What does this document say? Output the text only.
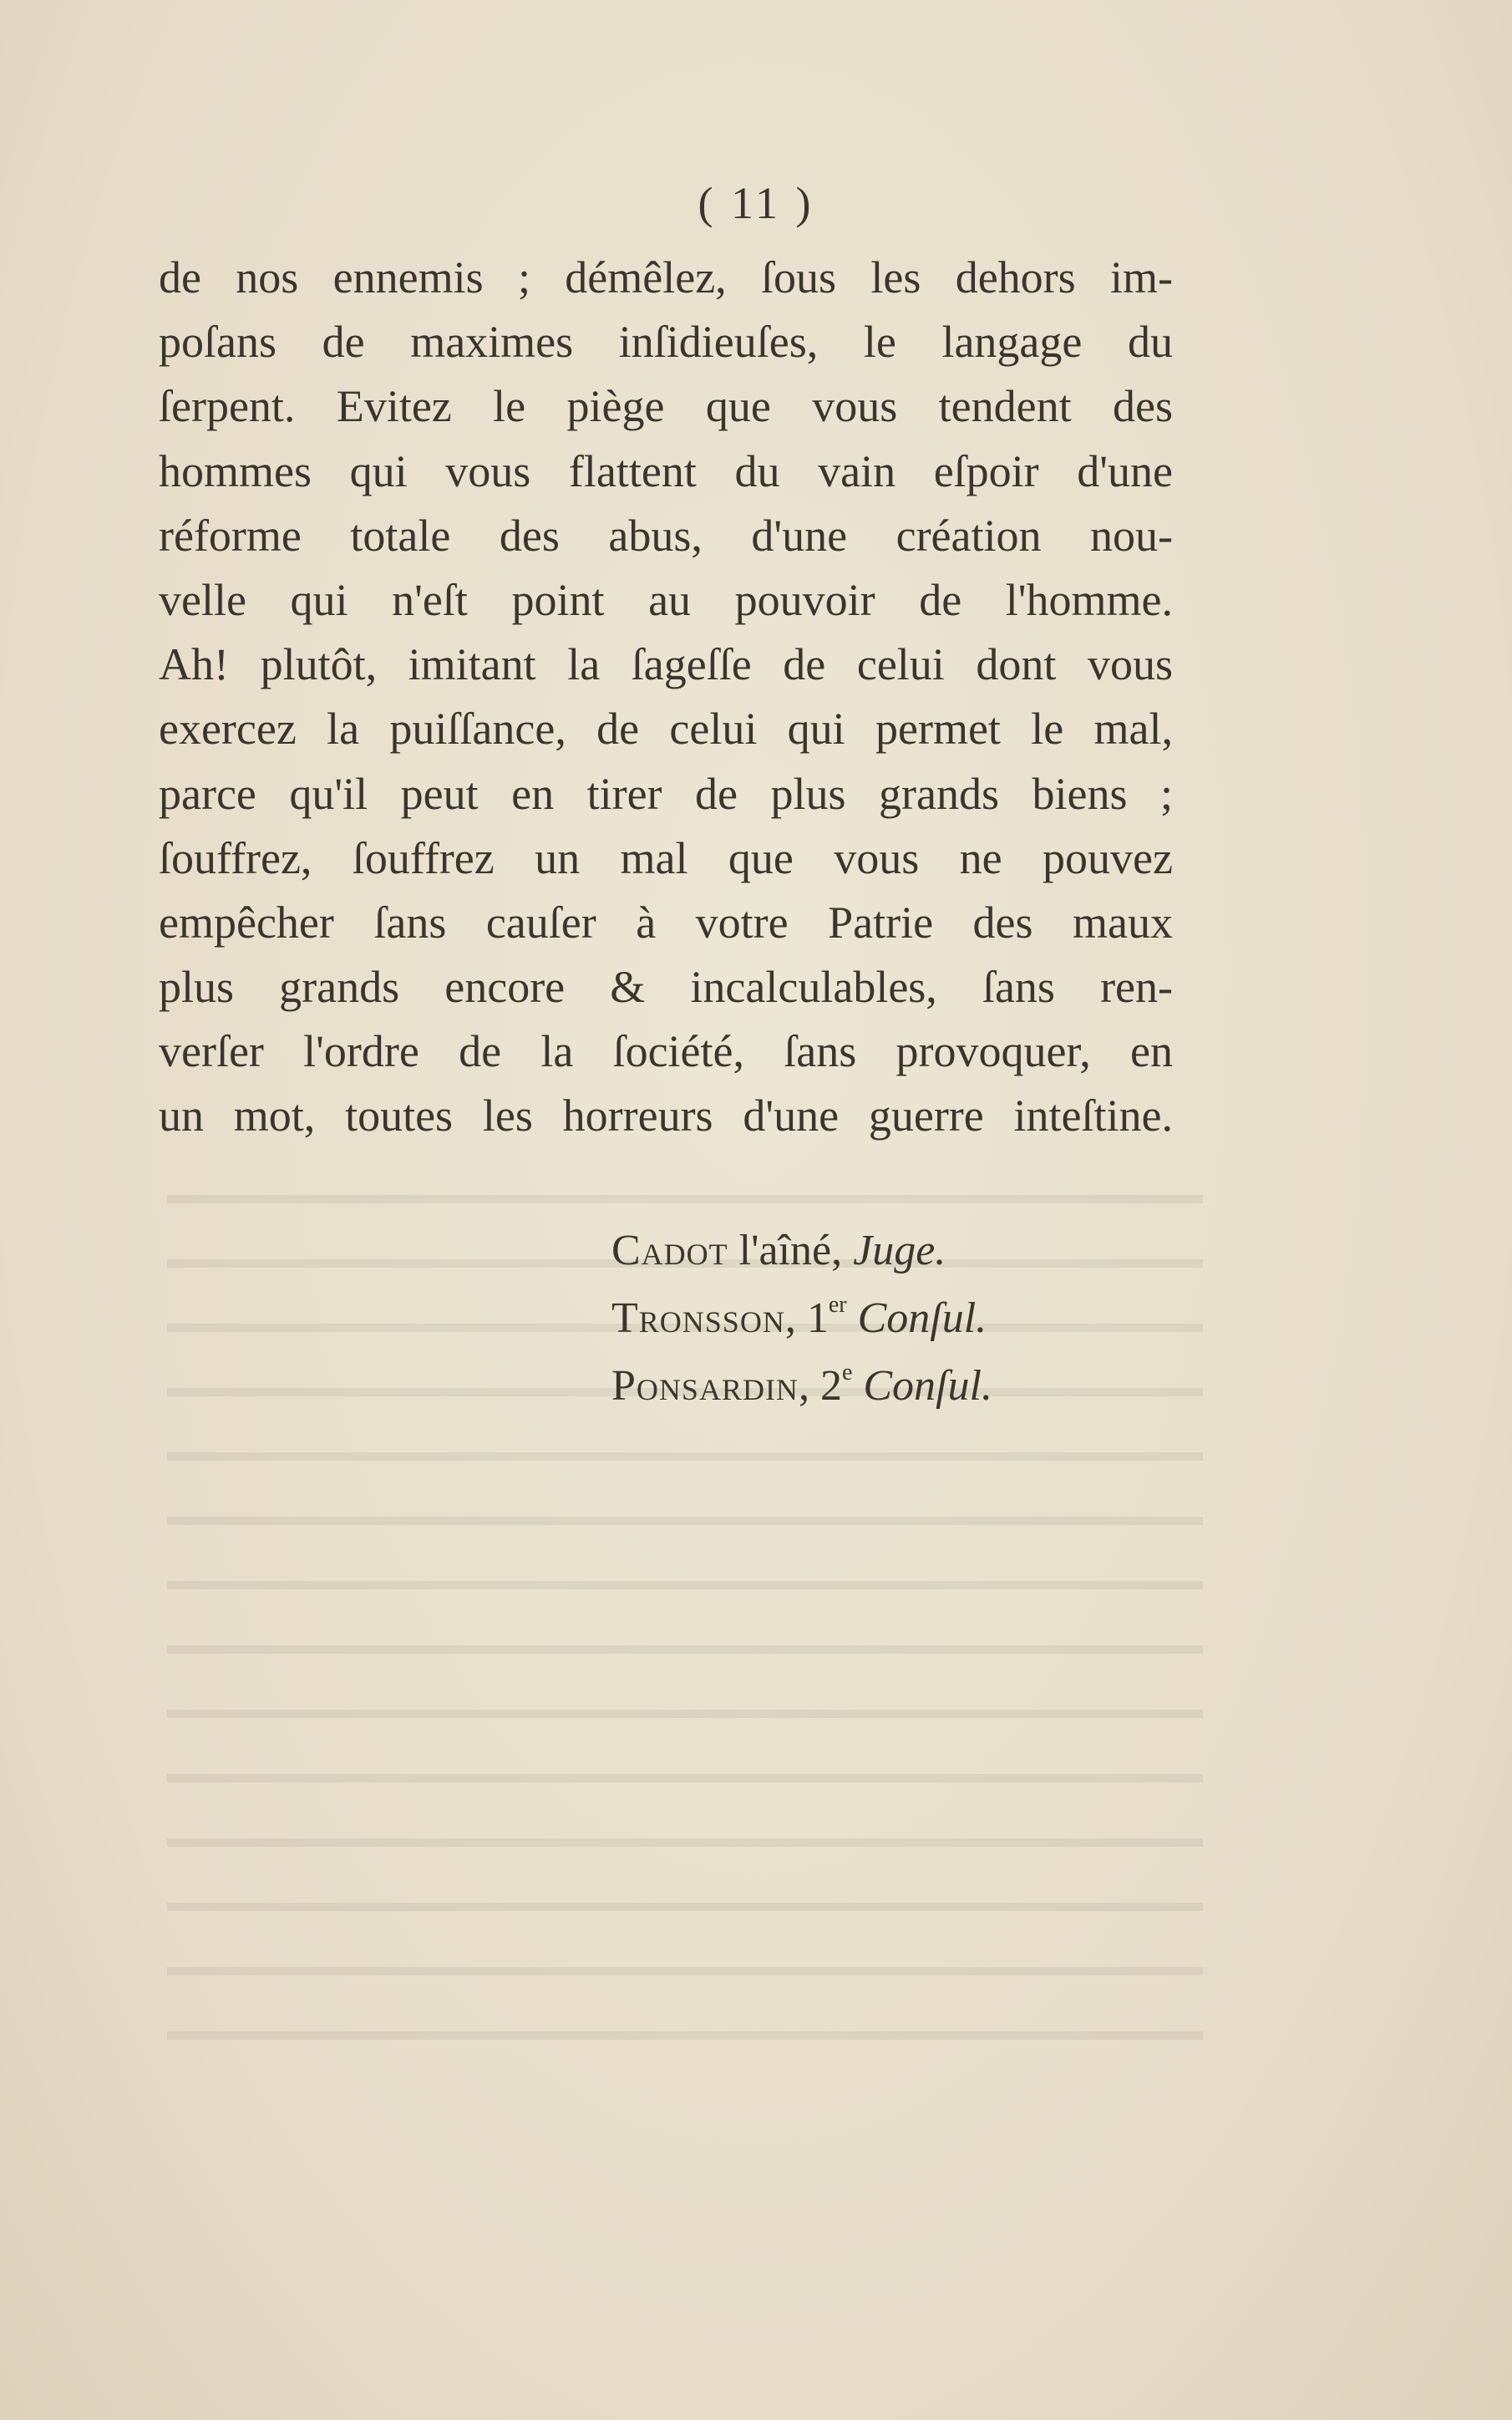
( 11 )
de nos ennemis ; démêlez, ſous les dehors im-
poſans de maximes inſidieuſes, le langage du
ſerpent. Evitez le piège que vous tendent des
hommes qui vous flattent du vain eſpoir d'une
réforme totale des abus, d'une création nou-
velle qui n'eſt point au pouvoir de l'homme.
Ah! plutôt, imitant la ſageſſe de celui dont vous
exercez la puiſſance, de celui qui permet le mal,
parce qu'il peut en tirer de plus grands biens ;
ſouffrez, ſouffrez un mal que vous ne pouvez
empêcher ſans cauſer à votre Patrie des maux
plus grands encore & incalculables, ſans ren-
verſer l'ordre de la ſociété, ſans provoquer, en
un mot, toutes les horreurs d'une guerre inteſtine.
Cadot l'aîné, Juge.
Tronsson, 1er Conſul.
Ponsardin, 2e Conſul.
